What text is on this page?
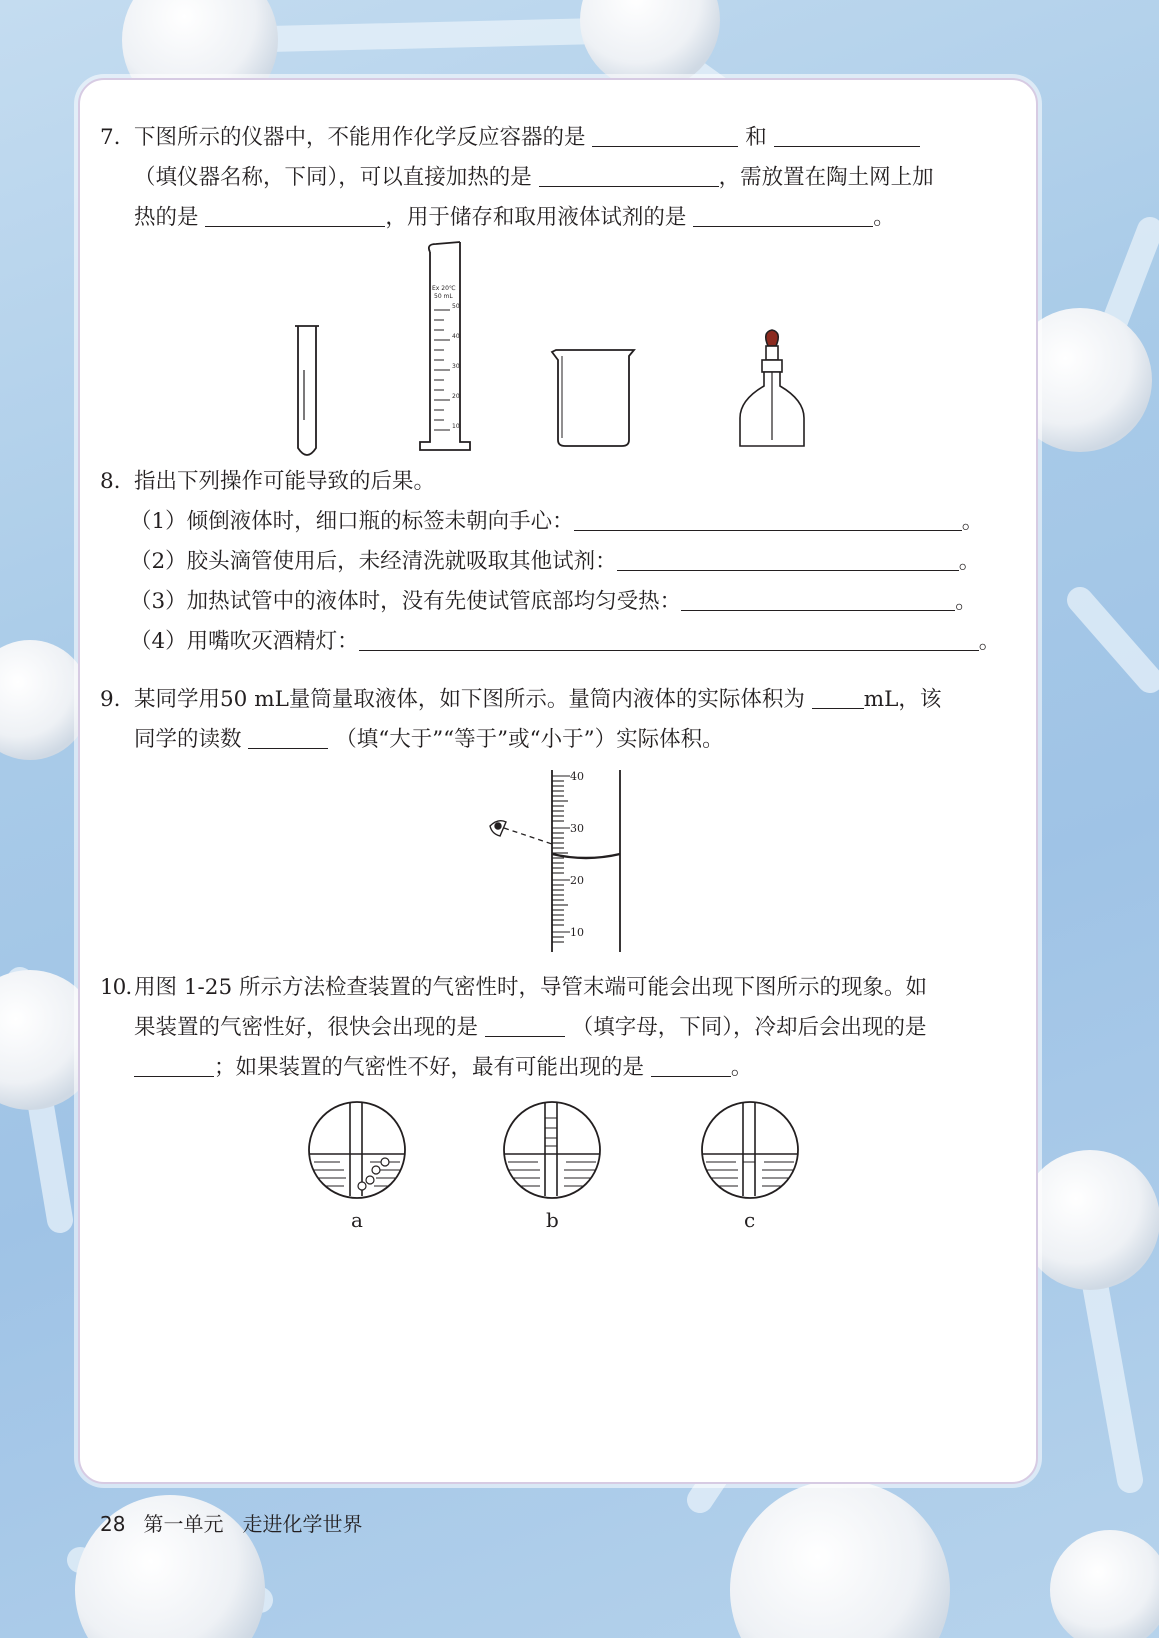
7. 下图所示的仪器中，不能用作化学反应容器的是	和
（填仪器名称，下同），可以直接加热的是	，需放置在陶土网上加
热的是	，用于储存和取用液体试剂的是	。
Ex 20℃
50 mL
50
40
30
20
10
8. 指出下列操作可能导致的后果。
（1）倾倒液体时，细口瓶的标签未朝向手心：	。
（2）胶头滴管使用后，未经清洗就吸取其他试剂：	。
（3）加热试管中的液体时，没有先使试管底部均匀受热：	。
（4）用嘴吹灭酒精灯：	。
9. 某同学用50 mL量筒量取液体，如下图所示。量筒内液体的实际体积为	mL，该
同学的读数	（填“大于”“等于”或“小于”）实际体积。
40
30
20
10
10. 用图 1-25 所示方法检查装置的气密性时，导管末端可能会出现下图所示的现象。如
果装置的气密性好，很快会出现的是	（填字母，下同），冷却后会出现的是
；如果装置的气密性不好，最有可能出现的是	。
a	b	c
28 第一单元 走进化学世界
